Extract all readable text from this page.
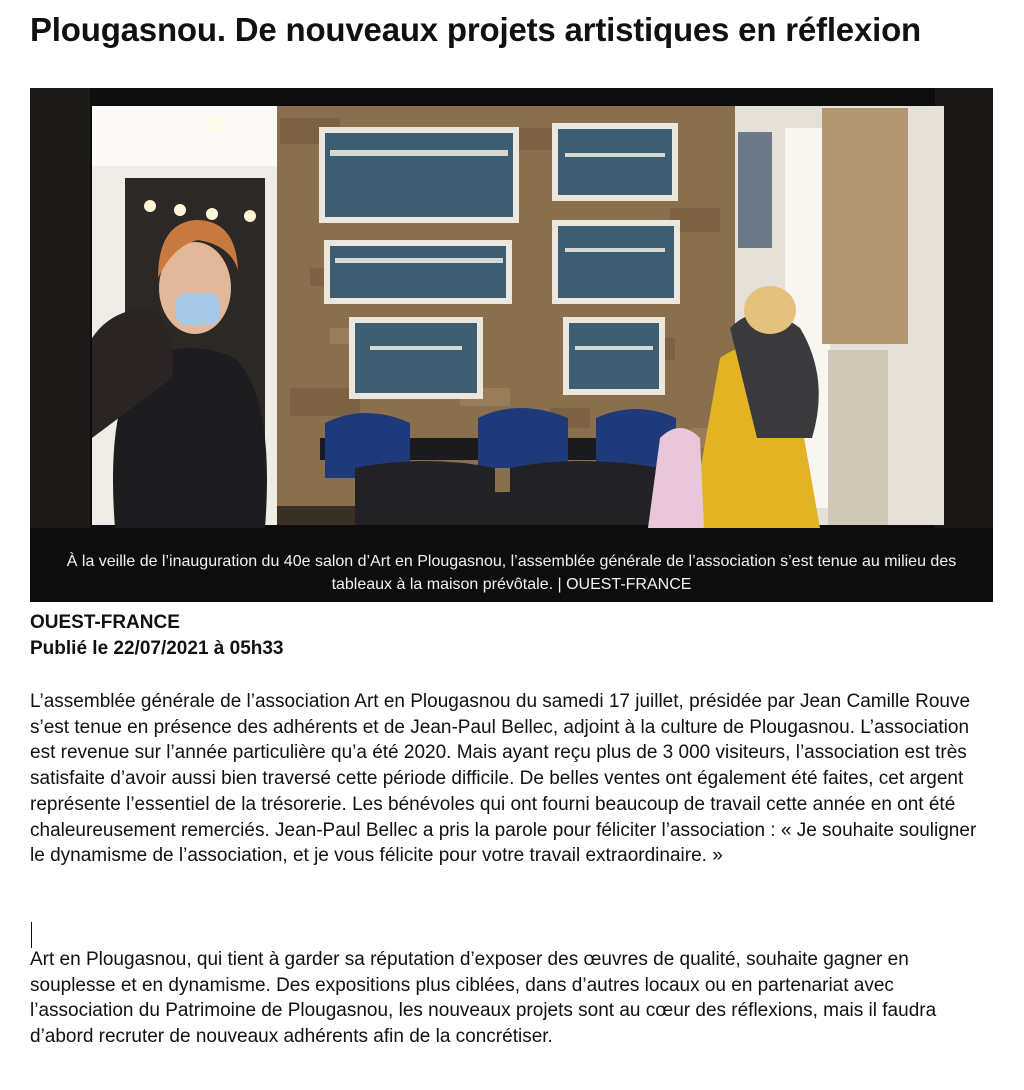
Plougasnou. De nouveaux projets artistiques en réflexion

À la veille de l’inauguration du 40e salon d’Art en Plougasnou, l’assemblée générale de l’association s’est tenue au milieu des tableaux à la maison prévôtale. | OUEST-FRANCE

OUEST-FRANCE
Publié le 22/07/2021 à 05h33

L’assemblée générale de l’association Art en Plougasnou du samedi 17 juillet, présidée par Jean Camille Rouve s’est tenue en présence des adhérents et de Jean-Paul Bellec, adjoint à la culture de Plougasnou. L’association est revenue sur l’année particulière qu’a été 2020. Mais ayant reçu plus de 3 000 visiteurs, l’association est très satisfaite d’avoir aussi bien traversé cette période difficile. De belles ventes ont également été faites, cet argent représente l’essentiel de la trésorerie. Les bénévoles qui ont fourni beaucoup de travail cette année en ont été chaleureusement remerciés. Jean-Paul Bellec a pris la parole pour féliciter l’association : « Je souhaite souligner le dynamisme de l’association, et je vous félicite pour votre travail extraordinaire. »

Art en Plougasnou, qui tient à garder sa réputation d’exposer des œuvres de qualité, souhaite gagner en souplesse et en dynamisme. Des expositions plus ciblées, dans d’autres locaux ou en partenariat avec l’association du Patrimoine de Plougasnou, les nouveaux projets sont au cœur des réflexions, mais il faudra d’abord recruter de nouveaux adhérents afin de la concrétiser.
